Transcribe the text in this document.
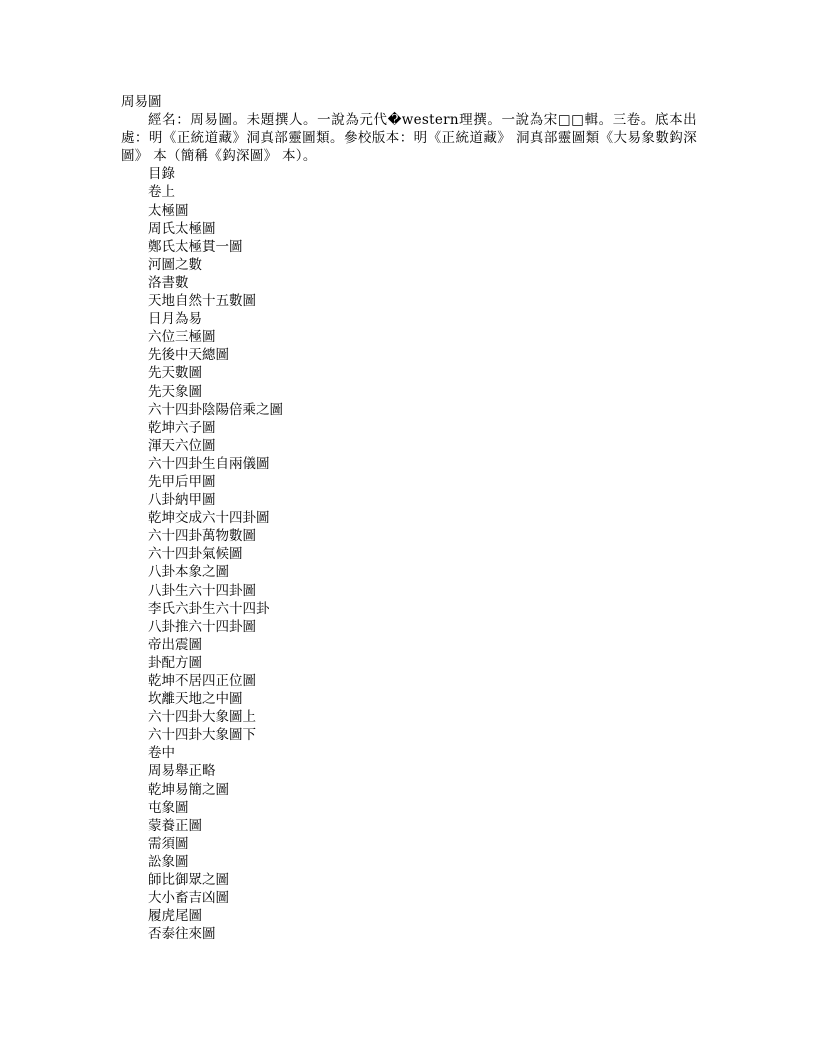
周易圖
經名：周易圖。未題撰人。一說為元代�western理撰。一說為宋□□輯。三卷。底本出處：明《正統道藏》洞真部靈圖類。參校版本：明《正統道藏》 洞真部靈圖類《大易象數鈎深圖》 本（簡稱《鈎深圖》 本）。
目錄
卷上
太極圖
周氏太極圖
鄭氏太極貫一圖
河圖之數
洛書數
天地自然十五數圖
日月為易
六位三極圖
先後中天總圖
先天數圖
先天象圖
六十四卦陰陽倍乘之圖
乾坤六子圖
渾天六位圖
六十四卦生自兩儀圖
先甲后甲圖
八卦納甲圖
乾坤交成六十四卦圖
六十四卦萬物數圖
六十四卦氣候圖
八卦本象之圖
八卦生六十四卦圖
李氏六卦生六十四卦
八卦推六十四卦圖
帝出震圖
卦配方圖
乾坤不居四正位圖
坎離天地之中圖
六十四卦大象圖上
六十四卦大象圖下
卷中
周易舉正略
乾坤易簡之圖
屯象圖
蒙養正圖
需須圖
訟象圖
師比御眾之圖
大小畜吉凶圖
履虎尾圖
否泰往來圖
